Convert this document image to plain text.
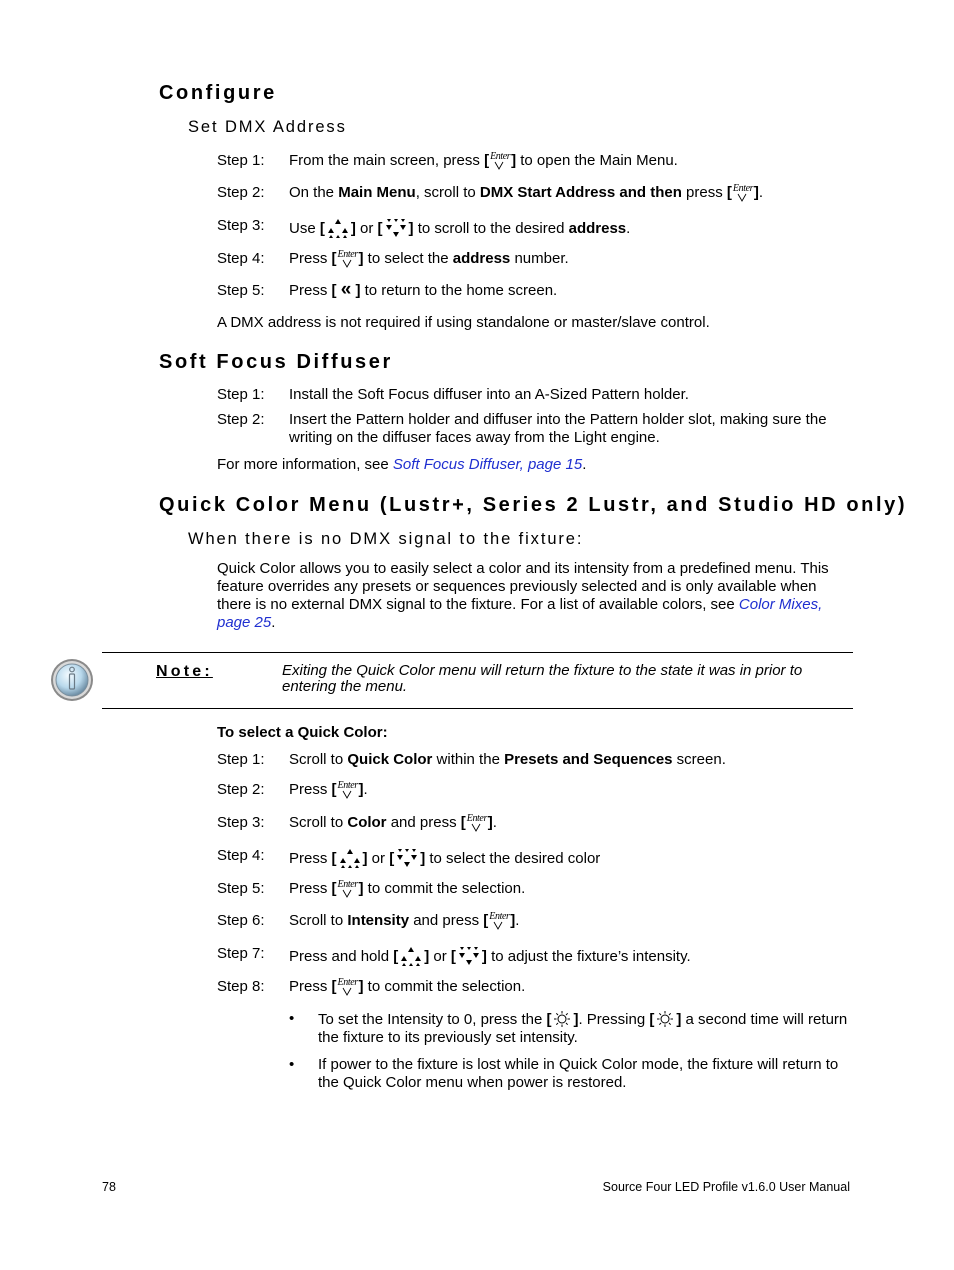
Configure
Set DMX Address
Step 1: From the main screen, press [ Enter ] to open the Main Menu.
Step 2: On the Main Menu, scroll to DMX Start Address and then press [ Enter ].
Step 3: Use [ ] or [ ] to scroll to the desired address.
Step 4: Press [ Enter ] to select the address number.
Step 5: Press [ « ] to return to the home screen.
A DMX address is not required if using standalone or master/slave control.
Soft Focus Diffuser
Step 1: Install the Soft Focus diffuser into an A-Sized Pattern holder.
Step 2: Insert the Pattern holder and diffuser into the Pattern holder slot, making sure the writing on the diffuser faces away from the Light engine.
For more information, see Soft Focus Diffuser, page 15.
Quick Color Menu (Lustr+, Series 2 Lustr, and Studio HD only)
When there is no DMX signal to the fixture:
Quick Color allows you to easily select a color and its intensity from a predefined menu. This feature overrides any presets or sequences previously selected and is only available when there is no external DMX signal to the fixture. For a list of available colors, see Color Mixes, page 25.
Note:	Exiting the Quick Color menu will return the fixture to the state it was in prior to entering the menu.
To select a Quick Color:
Step 1: Scroll to Quick Color within the Presets and Sequences screen.
Step 2: Press [ Enter ].
Step 3: Scroll to Color and press [ Enter ].
Step 4: Press [ ] or [ ] to select the desired color
Step 5: Press [ Enter ] to commit the selection.
Step 6: Scroll to Intensity and press [ Enter ].
Step 7: Press and hold [ ] or [ ] to adjust the fixture’s intensity.
Step 8: Press [ Enter ] to commit the selection.
• To set the Intensity to 0, press the [ ]. Pressing [ ] a second time will return the fixture to its previously set intensity.
• If power to the fixture is lost while in Quick Color mode, the fixture will return to the Quick Color menu when power is restored.
78	Source Four LED Profile v1.6.0 User Manual
